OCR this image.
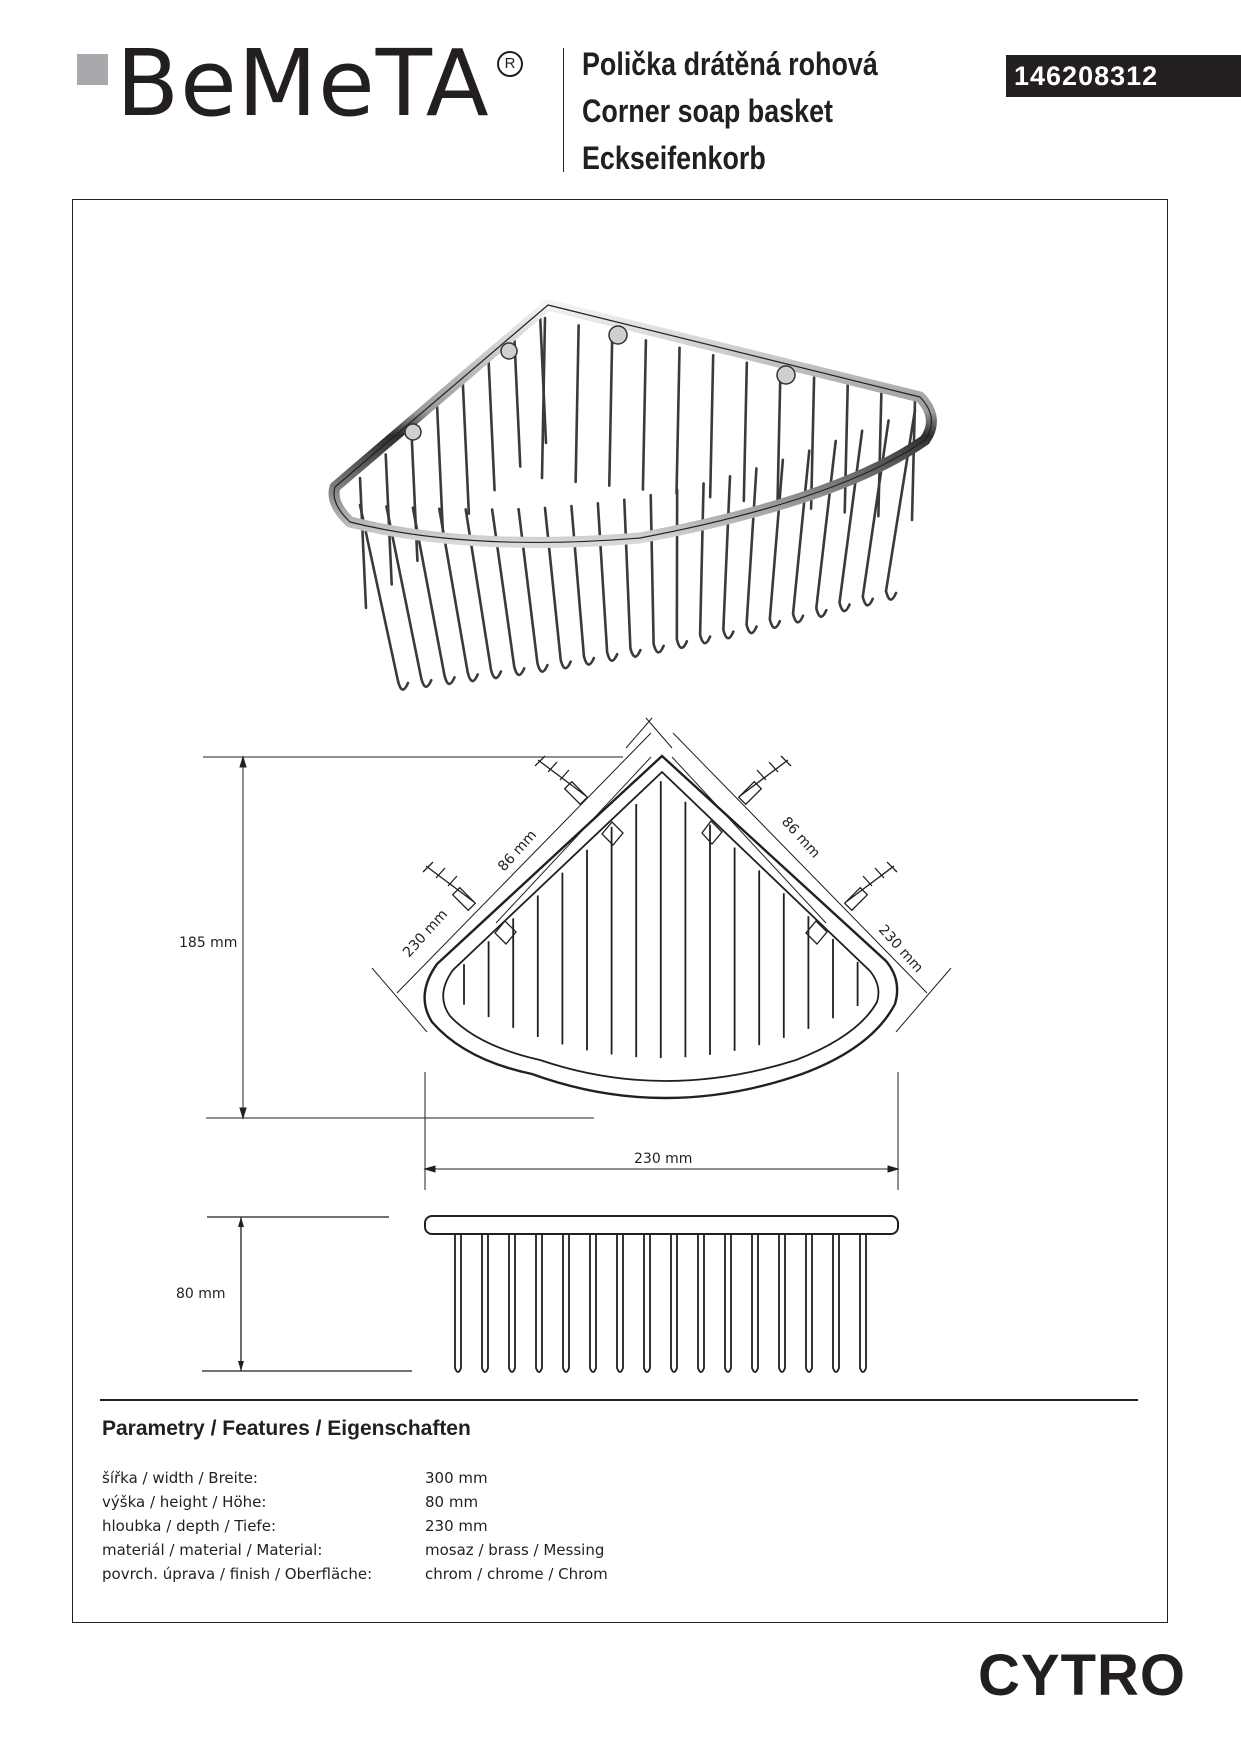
BeMeTA R Polička drátěná rohová
Corner soap basket
Eckseifenkorb
146208312
86 mm	86 mm
230 mm	230 mm
185 mm
230 mm
80 mm
Parametry / Features / Eigenschaften
šířka / width / Breite:	300 mm
výška / height / Höhe:	80 mm
hloubka / depth / Tiefe:	230 mm
materiál / material / Material:	mosaz / brass / Messing
povrch. úprava / finish / Oberfläche:	chrom / chrome / Chrom
CYTRO
